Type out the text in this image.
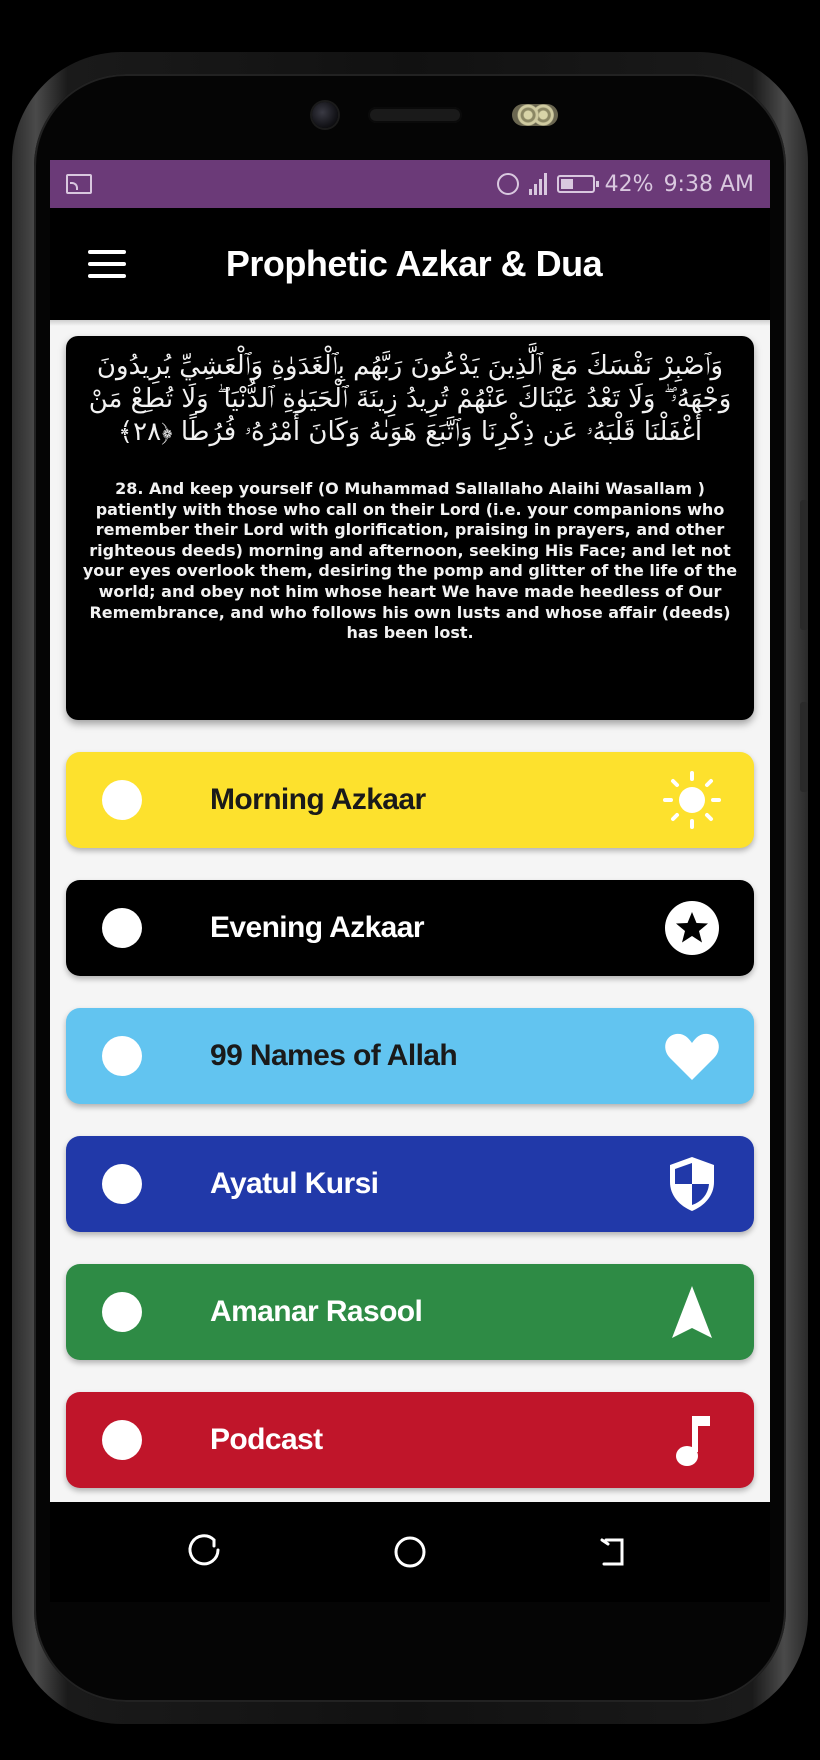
42% 9:38 AM
Prophetic Azkar & Dua
وَٱصْبِرْ نَفْسَكَ مَعَ ٱلَّذِينَ يَدْعُونَ رَبَّهُم بِٱلْغَدَوٰةِ وَٱلْعَشِيِّ يُرِيدُونَ وَجْهَهُۥ ۖ وَلَا تَعْدُ عَيْنَاكَ عَنْهُمْ تُرِيدُ زِينَةَ ٱلْحَيَوٰةِ ٱلدُّنْيَا ۖ وَلَا تُطِعْ مَنْ أَغْفَلْنَا قَلْبَهُۥ عَن ذِكْرِنَا وَٱتَّبَعَ هَوَىٰهُ وَكَانَ أَمْرُهُۥ فُرُطًا ﴿٢٨﴾
28. And keep yourself (O Muhammad Sallallaho Alaihi Wasallam ) patiently with those who call on their Lord (i.e. your companions who remember their Lord with glorification, praising in prayers, and other righteous deeds) morning and afternoon, seeking His Face; and let not your eyes overlook them, desiring the pomp and glitter of the life of the world; and obey not him whose heart We have made heedless of Our Remembrance, and who follows his own lusts and whose affair (deeds) has been lost.
Morning Azkaar
Evening Azkaar
99 Names of Allah
Ayatul Kursi
Amanar Rasool
Podcast
